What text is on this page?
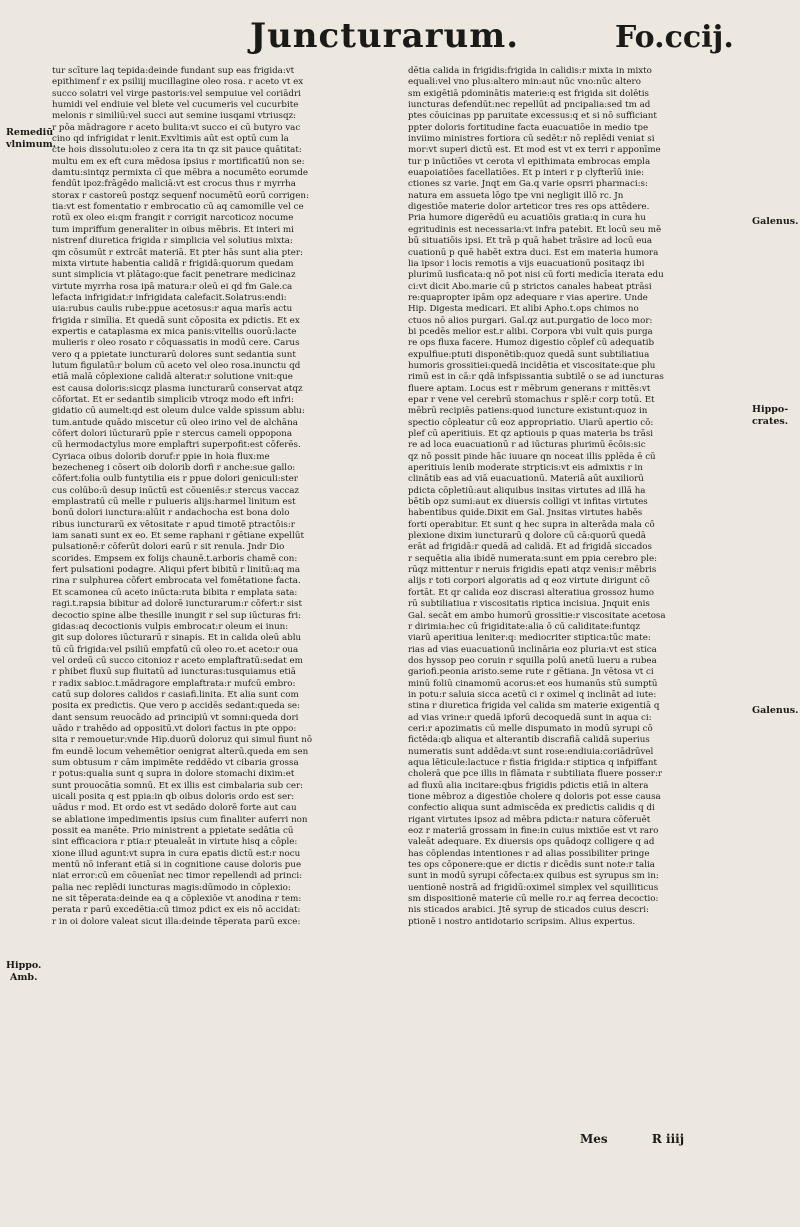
Juncturarum.	Fo.ccij.
Remediū
vlnimum.
Hippo.
Amb.
Galenus.
Hippo-
crates.
Galenus.
tur scīture laq tepida:deinde fundant sup eas frigida:vt
epithimenf r ex psiliij mucillagine oleo rosa. r aceto vt ex
succo solatri vel virge pastoris:vel sempuiue vel coriādri
humidi vel endiuie vel blete vel cucumeris vel cucurbite
melonis r similiū:vel succi aut semine iusqami vtriusqz:
r pōa mādragore r aceto bulita:vt succo ei cū butyro vac
cino qd infrigidat r lenit.Exvltimis aūt est optū cum la
cte hois dissolutu:oleo z cera ita tn qz sit pauce quātitat:
multu em ex eft cura mēdosa ipsius r mortificatiū non se:
damtu:sintqz permixta cī que mēbra a nocumēto eorumde
fendūt ipoz:frāgēdo maliciā:vt est crocus thus r myrrha
storax r castoreū postqz sequenf nocumētū eorū corrigen:
tia:vt est fomentatio r embrocatio cū aq camomille vel ce
rotū ex oleo ei:qm frangit r corrigit narcoticoz nocume
tum impriffum generaliter in oibus mēbris. Et interi mi
nistrenf diuretica frigida r simplicia vel solutius mixta:
qm cōsumūt r extrcāt materiā. Et pter hās sunt alia pter:
mixta virtute habentia calidā r frigidā:quorum quedam
sunt simplicia vt plātago:que facit penetrare medicinaz
virtute myrrha rosa ipā matura:r oleū ei qd fm Gale.ca
lefacta infrigidat:r infrigidata calefacit.Solatrus:endi:
uia:rubus caulis rube:ppue acetosus:r aqua marīs actu
frigida r simīlia. Et quedā sunt cōposita ex pdictis. Et ex
expertis e cataplasma ex mica panis:vitellis ouorū:lacte
mulieris r oleo rosato r cōquassatis in modū cere. Carus
vero q a ppietate iuncturarū dolores sunt sedantia sunt
lutum figulatū:r bolum cū aceto vel oleo rosa.inunctu qd
etiā malā cōplexione calidā alterat:r solutione vnit:que
est causa doloris:sicqz plasma iuncturarū conservat atqz
cōfortat. Et er sedantib simplicib vtroqz modo eft infri:
gidatio cū aumelt:qd est oleum dulce valde spissum ablu:
tum.antude quādo miscetur cū oleo irino vel de alchāna
cōfert dolori iūcturarū ppīe r stercus cameli oppopona
cū hermodactylus more emplaftri superpofit:est cōferēs.
Cyriaca oibus dolorib doruf:r ppie in hoia flux:me
bezecheneg i cōsert oib dolorib dorfi r anche:sue gallo:
cōfert:folia oulb funtytilia eis r ppue dolori geniculi:ster
cus colūbo:ū desup inūctū est cōueniēs:r stercus vaccaz
emplastratū cū melle r pulueris alijs:harmel linitum est
bonū dolori iunctura:alūit r andachocha est bona dolo
ribus iuncturarū ex vētositate r apud timotē ptractōis:r
iam sanati sunt ex eo. Et seme raphani r gētiane expellūt
pulsationē:r cōferūt dolori earū r sit renula. Jndr Dio
scorides. Empsem ex folijs chaunē.t.arboris chamē con:
fert pulsationi podagre. Aliqui pfert bibitū r linitū:aq ma
rina r sulphurea cōfert embrocata vel fomētatione facta.
Et scamonea cū aceto inūcta:ruta bibita r emplata sata:
ragi.t.rapsia bibitur ad dolorē iuncturarum:r cōfert:r sist
decoctio spine albe thesille inungit r sel sup iūcturas fri:
gidas:aq decoctionis vulpis embrocat:r oleum ei inun:
git sup dolores iūcturarū r sinapis. Et in calida oleū ablu
tū cū frigida:vel psiliū empfatū cū oleo ro.et aceto:r oua
vel ordeū cū succo citonioz r aceto emplaftratū:sedat em
r phibet fluxū sup fluitatū ad iuncturas:tusquiamus etiā
r radix sabioc.t.mādragore emplaftrata:r mufcū embro:
catū sup dolores calidos r casiafi.linita. Et alia sunt com
posita ex predictis. Que vero p accidēs sedant:queda se:
dant sensum reuocādo ad principiū vt somni:queda dori
uādo r trahēdo ad oppositū.vt dolori factus in pte oppo:
sita r remouetur:vnde Hip.duorū doloruz qui simul fiunt nō
fm eundē locum vehemētior oenigrat alterū.queda em sen
sum obtusum r cām impimēte reddēdo vt cibaria grossa
r potus:qualia sunt q supra in dolore stomachi dixim:et
sunt prouocātia somnū. Et ex illis est cimbalaria sub cer:
uicali posita q est ppia:in qb oibus doloris ordo est ser:
uādus r mod. Et ordo est vt sedādo dolorē forte aut cau
se ablatione impedimentis ipsius cum finaliter auferri non
possit ea manēte. Prio ministrent a ppietate sedātia cū
sint efficaciora r ptia:r pteualeāt in virtute hisq a cōple:
xione illud agunt:vt supra in cura epatis dictū est:r nocu
mentū nō inferant etiā si in cognitione cause doloris pue
niat error:cū em cōuenīat nec timor repellendi ad princi:
palia nec replēdi iuncturas magis:dūmodo in cōplexio:
ne sit tēperata:deinde ea q a cōplexiōe vt anodina r tem:
perata r parū excedētia:cū timoz pdict ex eis nō accidat:
r in oi dolore valeat sicut illa:deinde tēperata parū exce:
dētia calida in frigidis:frigida in calidis:r mixta in mixto
equali:vel vno plus:altero min:aut nūc vno:nūc altero
sm exigētiā pdominātis materie:q est frigida sit dolētis
iuncturas defendūt:nec repellūt ad pncipalia:sed tm ad
ptes cōuicinas pp paruitate excessus:q et si nō sufficiant
ppter doloris fortitudine facta euacuatiōe in medio tpe
inviimo ministres fortiora cū sedēt:r nō replēdi veniat si
mor:vt superi dictū est. Et mod est vt ex terri r apponīme
tur p inūctiōes vt cerota vl epithimata embrocas empla
euapoiatiōes facellatiōes. Et p interi r p clyfterīū inie:
ctiones sz varie. Jnqt em Ga.q varie opsrri pharmaci:s:
natura em assueta lōgo tpe vni negligit illō rc. Jn
digestiōe materie dolor arteticor tres res ops attēdere.
Pria humore digerēdū eu acuatiōis gratia:q in cura hu
egritudinis est necessaria:vt infra patebit. Et locū seu mē
bū situatiōis ipsi. Et trā p quā habet trāsire ad locū eua
cuationū p quē habēt extra duci. Est em materia humora
lia ipsor i locis remotis a vijs euacuationū positaqz ibi
plurimū iusficata:q nō pot nisi cū forti medicīa iterata edu
ci:vt dicit Abo.marie cū p strictos canales habeat ptrāsi
re:quapropter ipām opz adequare r vias aperire. Unde
Hip. Digesta medicari. Et alibi Apho.t.ops chimos no
ctuos nō alios purgari. Gal.qz aut.purgatio de loco mor:
bi pcedēs melior est.r alibi. Corpora vbi vult quis purga
re ops fluxa facere. Humoz digestio cōplef cū adequatib
expulfiue:ptuti disponētib:quoz quedā sunt subtiliatiua
humoris grossitiei:quedā incidētia et viscositate:que plu
rimū est in cā:r qdā infspissantia subtilē o se ad iuncturas
fluere aptam. Locus est r mēbrum generans r mittēs:vt
epar r vene vel cerebrū stomachus r splē:r corp totū. Et
mēbrū recipiēs patiens:quod iuncture existunt:quoz in
spectio cōpleatur cū eoz appropriatio. Uiarū apertio cō:
plef cū aperitiuis. Et qz aptiouis p quas materia bs trāsi
re ad loca euacuationū r ad iūcturas plurimū ēcōis:sic
qz nō possit pinde hāc iuuare qn noceat illis pplēda ē cū
aperitiuis lenib moderate strpticis:vt eis admixtis r in
clinātib eas ad viā euacuationū. Materiā aūt auxiliorū
pdicta cōpletiū:aut aliquibus insitas virtutes ad illā ha
bētib opz sumi:aut ex diuersis colligi vt infitas virtutes
habentibus quide.Dixit em Gal. Jnsitas virtutes habēs
forti operabitur. Et sunt q hec supra in alterāda mala cō
plexione dixim iuncturarū q dolore cū cā:quorū quedā
erāt ad frigidā:r quedā ad calidā. Et ad frigidā siccados
r sequētia alia ibidē numerata:sunt em ppia cerebro ple:
rūqz mittentur r neruis frigidis epati atqz venis:r mēbris
alijs r toti corpori algoratis ad q eoz virtute dirigunt cō
fortāt. Et qr calida eoz discrasi alteratiua grossoz humo
rū subtiliatiua r viscositatis riptica incisiua. Jnquit enis
Gal. secāt em ambo humorū grossitie:r viscositate acetosa
r dirimia:hec cū frigiditate:alia ō cū caliditate:funtqz
viarū aperitiua leniter:q: mediocriter stiptica:tūc mate:
rias ad vias euacuationū inclināria eoz pluria:vt est stica
dos hyssop peo coruin r squilla polū anetū lueru a rubea
gariofi.peonia aristo.seme rute r gētiana. Jn vētosa vt ci
minū foliū cinamomū acorus:et eos humanūs stū sumptū
in potu:r saluia sicca acetū ci r oximel q inclināt ad iute:
stina r diuretica frigida vel calida sm materie exigentiā q
ad vias vrine:r quedā ipforū decoquedā sunt in aqua ci:
ceri:r apozimatis cū melle dispumato in modū syrupi cō
fictēda:qb aliqua et alterantib discrafiā calidā superius
numeratis sunt addēda:vt sunt rose:endiuia:coriādrūvel
aqua lēticule:lactuce r fistia frigida:r stiptica q infpiffant
cholerā que pce illis in flāmata r subtiliata fluere posser:r
ad fluxū alia incitare:qbus frigidis pdictis etiā in altera
tione mēbroz a digestiōe cholere q doloris pot esse causa
confectio aliqua sunt admiscēda ex predictis calidis q di
rigant virtutes ipsoz ad mēbra pdicta:r natura cōferuēt
eoz r materiā grossam in fine:in cuius mixtiōe est vt raro
valeāt adequare. Ex diuersis ops quādoqz colligere q ad
has cōplendas intentiones r ad alias possibiliter pringe
tes ops cōponere:que er dictis r dicēdis sunt note:r talia
sunt in modū syrupi cōfecta:ex quibus est syrupus sm in:
uentionē nostrā ad frigidū:oximel simplex vel squilliticus
sm dispositionē materie cū melle ro.r aq ferrea decoctio:
nis sticados arabici. Jtē syrup de sticados cuius descri:
ptionē i nostro antidotario scripsim. Alius expertus.
Mes	R iiij
